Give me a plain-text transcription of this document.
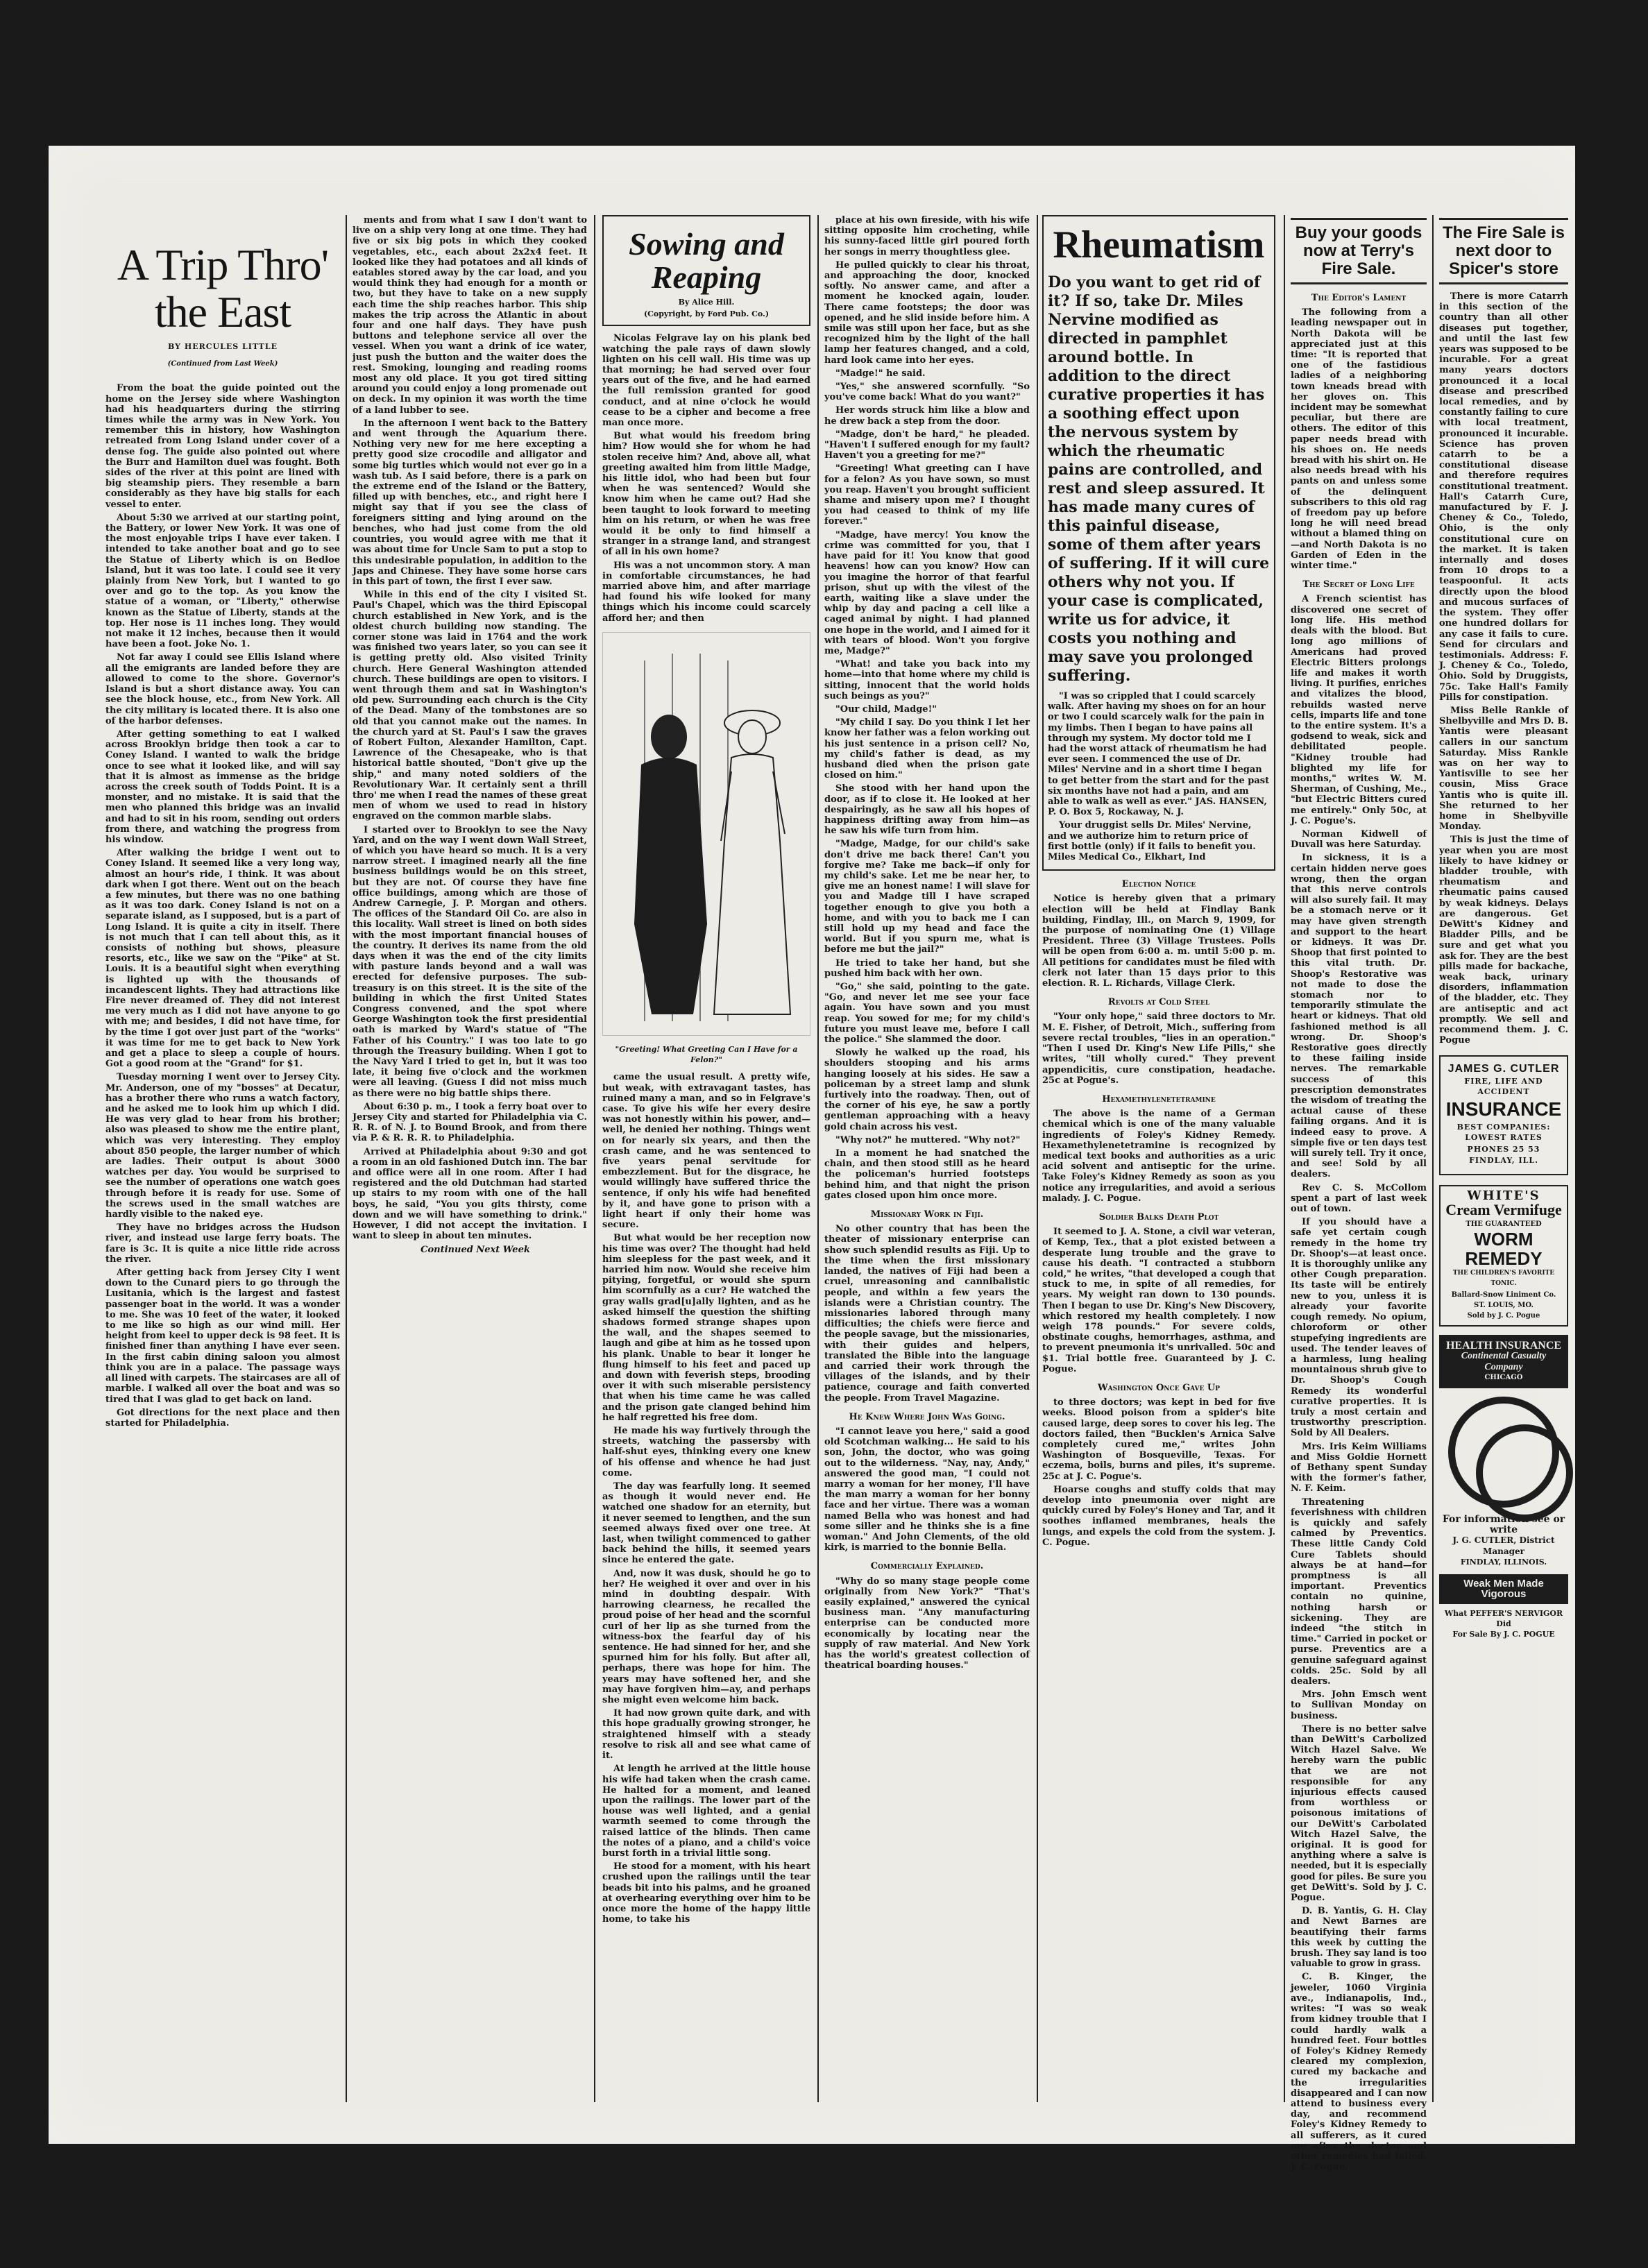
A Trip Thro' the East
BY HERCULES LITTLE
(Continued from Last Week)

From the boat the guide pointed out the home on the Jersey side where Washington had his headquarters during the stirring times while the army was in New York. You remember this in history, how Washington retreated from Long Island under cover of a dense fog. The guide also pointed out where the Burr and Hamilton duel was fought. Both sides of the river at this point are lined with big steamship piers. They resemble a barn considerably as they have big stalls for each vessel to enter.

About 5:30 we arrived at our starting point, the Battery, or lower New York. It was one of the most enjoyable trips I have ever taken. I intended to take another boat and go to see the Statue of Liberty which is on Bedloe Island, but it was too late. I could see it very plainly from New York, but I wanted to go over and go to the top. As you know the statue of a woman, or "Liberty," otherwise known as the Statue of Liberty, stands at the top. Her nose is 11 inches long. They would not make it 12 inches, because then it would have been a foot. Joke No. 1.

Not far away I could see Ellis Island where all the emigrants are landed before they are allowed to come to the shore. Governor's Island is but a short distance away. You can see the block house, etc., from New York. All the city military is located there. It is also one of the harbor defenses.

After getting something to eat I walked across Brooklyn bridge then took a car to Coney Island. I wanted to walk the bridge once to see what it looked like, and will say that it is almost as immense as the bridge across the creek south of Todds Point. It is a monster, and no mistake. It is said that the men who planned this bridge was an invalid and had to sit in his room, sending out orders from there, and watching the progress from his window.

After walking the bridge I went out to Coney Island. It seemed like a very long way, almost an hour's ride, I think. It was about dark when I got there. Went out on the beach a few minutes, but there was no one bathing as it was too dark. Coney Island is not on a separate island, as I supposed, but is a part of Long Island. It is quite a city in itself. There is not much that I can tell about this, as it consists of nothing but shows, pleasure resorts, etc., like we saw on the "Pike" at St. Louis. It is a beautiful sight when everything is lighted up with the thousands of incandescent lights. They had attractions like Fire never dreamed of. They did not interest me very much as I did not have anyone to go with me; and besides, I did not have time, for by the time I got over just part of the "works" it was time for me to get back to New York and get a place to sleep a couple of hours. Got a good room at the "Grand" for $1.

Tuesday morning I went over to Jersey City. Mr. Anderson, one of my "bosses" at Decatur, has a brother there who runs a watch factory, and he asked me to look him up which I did. He was very glad to hear from his brother; also was pleased to show me the entire plant, which was very interesting. They employ about 850 people, the larger number of which are ladies. Their output is about 3000 watches per day. You would be surprised to see the number of operations one watch goes through before it is ready for use. Some of the screws used in the small watches are hardly visible to the naked eye.

They have no bridges across the Hudson river, and instead use large ferry boats. The fare is 3c. It is quite a nice little ride across the river.

After getting back from Jersey City I went down to the Cunard piers to go through the Lusitania, which is the largest and fastest passenger boat in the world. It was a wonder to me. She was 10 feet of the water, it looked to me like so high as our wind mill. Her height from keel to upper deck is 98 feet. It is finished finer than anything I have ever seen. In the first cabin dining saloon you almost think you are in a palace. The passage ways all lined with carpets. The staircases are all of marble. I walked all over the boat and was so tired that I was glad to get back on land.

Got directions for the next place and then started for Philadelphia.

ments and from what I saw I don't want to live on a ship very long at one time. They had five or six big pots in which they cooked vegetables, etc., each about 2x2x4 feet. It looked like they had potatoes and all kinds of eatables stored away by the car load, and you would think they had enough for a month or two, but they have to take on a new supply each time the ship reaches harbor. This ship makes the trip across the Atlantic in about four and one half days. They have push buttons and telephone service all over the vessel. When you want a drink of ice water, just push the button and the waiter does the rest. Smoking, lounging and reading rooms most any old place. It you got tired sitting around you could enjoy a long promenade out on deck. In my opinion it was worth the time of a land lubber to see.

In the afternoon I went back to the Battery and went through the Aquarium there. Nothing very new for me here excepting a pretty good size crocodile and alligator and some big turtles which would not ever go in a wash tub. As I said before, there is a park on the extreme end of the Island or the Battery, filled up with benches, etc., and right here I might say that if you see the class of foreigners sitting and lying around on the benches, who had just come from the old countries, you would agree with me that it was about time for Uncle Sam to put a stop to this undesirable population, in addition to the Japs and Chinese. They have some horse cars in this part of town, the first I ever saw.

While in this end of the city I visited St. Paul's Chapel, which was the third Episcopal church established in New York, and is the oldest church building now standing. The corner stone was laid in 1764 and the work was finished two years later, so you can see it is getting pretty old. Also visited Trinity church. Here General Washington attended church. These buildings are open to visitors. I went through them and sat in Washington's old pew. Surrounding each church is the City of the Dead. Many of the tombstones are so old that you cannot make out the names. In the church yard at St. Paul's I saw the graves of Robert Fulton, Alexander Hamilton, Capt. Lawrence of the Chesapeake, who is that historical battle shouted, "Don't give up the ship," and many noted soldiers of the Revolutionary War. It certainly sent a thrill thro' me when I read the names of these great men of whom we used to read in history engraved on the common marble slabs.

I started over to Brooklyn to see the Navy Yard, and on the way I went down Wall Street, of which you have heard so much. It is a very narrow street. I imagined nearly all the fine business buildings would be on this street, but they are not. Of course they have fine office buildings, among which are those of Andrew Carnegie, J. P. Morgan and others. The offices of the Standard Oil Co. are also in this locality. Wall street is lined on both sides with the most important financial houses of the country. It derives its name from the old days when it was the end of the city limits with pasture lands beyond and a wall was erected for defensive purposes. The sub-treasury is on this street. It is the site of the building in which the first United States Congress convened, and the spot where George Washington took the first presidential oath is marked by Ward's statue of "The Father of his Country." I was too late to go through the Treasury building. When I got to the Navy Yard I tried to get in, but it was too late, it being five o'clock and the workmen were all leaving. (Guess I did not miss much as there were no big battle ships there.

About 6:30 p. m., I took a ferry boat over to Jersey City and started for Philadelphia via C. R. R. of N. J. to Bound Brook, and from there via P. & R. R. R. to Philadelphia.

Arrived at Philadelphia about 9:30 and got a room in an old fashioned Dutch inn. The bar and office were all in one room. After I had registered and the old Dutchman had started up stairs to my room with one of the hall boys, he said, "You you gits thirsty, come down and we will have something to drink." However, I did not accept the invitation. I want to sleep in about ten minutes.

Continued Next Week

Sowing and Reaping
By Alice Hill.
(Copyright, by Ford Pub. Co.)

Nicolas Felgrave lay on his plank bed watching the pale rays of dawn slowly lighten on his cell wall. His time was up that morning; he had served over four years out of the five, and he had earned the full remission granted for good conduct, and at nine o'clock he would cease to be a cipher and become a free man once more.

But what would his freedom bring him? How would she for whom he had stolen receive him? And, above all, what greeting awaited him from little Madge, his little idol, who had been but four when he was sentenced? Would she know him when he came out? Had she been taught to look forward to meeting him on his return, or when he was free would it be only to find himself a stranger in a strange land, and strangest of all in his own home?

His was a not uncommon story. A man in comfortable circumstances, he had married above him, and after marriage had found his wife looked for many things which his income could scarcely afford her; and then

"Greeting! What Greeting Can I Have for a Felon?"

came the usual result. A pretty wife, but weak, with extravagant tastes, has ruined many a man, and so in Felgrave's case. To give his wife her every desire was not honestly within his power, and—well, he denied her nothing. Things went on for nearly six years, and then the crash came, and he was sentenced to five years penal servitude for embezzlement. But for the disgrace, he would willingly have suffered thrice the sentence, if only his wife had benefited by it, and have gone to prison with a light heart if only their home was secure.

But what would be her reception now his time was over? The thought had held him sleepless for the past week, and it harried him now. Would she receive him pitying, forgetful, or would she spurn him scornfully as a cur? He watched the gray walls grad[u]ally lighten, and as he asked himself the question the shifting shadows formed strange shapes upon the wall, and the shapes seemed to laugh and gibe at him as he tossed upon his plank. Unable to bear it longer he flung himself to his feet and paced up and down with feverish steps, brooding over it with such miserable persistency that when his time came he was called and the prison gate clanged behind him he half regretted his free dom.

He made his way furtively through the streets, watching the passersby with half-shut eyes, thinking every one knew of his offense and whence he had just come.

The day was fearfully long. It seemed as though it would never end. He watched one shadow for an eternity, but it never seemed to lengthen, and the sun seemed always fixed over one tree. At last, when twilight commenced to gather back behind the hills, it seemed years since he entered the gate.

And, now it was dusk, should he go to her? He weighed it over and over in his mind in doubting despair. With harrowing clearness, he recalled the proud poise of her head and the scornful curl of her lip as she turned from the witness-box the fearful day of his sentence. He had sinned for her, and she spurned him for his folly. But after all, perhaps, there was hope for him. The years may have softened her, and she may have forgiven him—ay, and perhaps she might even welcome him back.

It had now grown quite dark, and with this hope gradually growing stronger, he straightened himself with a steady resolve to risk all and see what came of it.

At length he arrived at the little house his wife had taken when the crash came. He halted for a moment, and leaned upon the railings. The lower part of the house was well lighted, and a genial warmth seemed to come through the raised lattice of the blinds. Then came the notes of a piano, and a child's voice burst forth in a trivial little song.

He stood for a moment, with his heart crushed upon the railings until the tear beads bit into his palms, and he groaned at overhearing everything over him to be once more the home of the happy little home, to take his

place at his own fireside, with his wife sitting opposite him crocheting, while his sunny-faced little girl poured forth her songs in merry thoughtless glee.

He pulled quickly to clear his throat, and approaching the door, knocked softly. No answer came, and after a moment he knocked again, louder. There came footsteps; the door was opened, and he slid inside before him. A smile was still upon her face, but as she recognized him by the light of the hall lamp her features changed, and a cold, hard look came into her eyes.

"Madge!" he said.

"Yes," she answered scornfully. "So you've come back! What do you want?"

Her words struck him like a blow and he drew back a step from the door.

"Madge, don't be hard," he pleaded. "Haven't I suffered enough for my fault? Haven't you a greeting for me?"

"Greeting! What greeting can I have for a felon? As you have sown, so must you reap. Haven't you brought sufficient shame and misery upon me? I thought you had ceased to think of my life forever."

"Madge, have mercy! You know the crime was committed for you, that I have paid for it! You know that good heavens! how can you know? How can you imagine the horror of that fearful prison, shut up with the vilest of the earth, waiting like a slave under the whip by day and pacing a cell like a caged animal by night. I had planned one hope in the world, and I aimed for it with tears of blood. Won't you forgive me, Madge?"

"What! and take you back into my home—into that home where my child is sitting, innocent that the world holds such beings as you?"

"Our child, Madge!"

"My child I say. Do you think I let her know her father was a felon working out his just sentence in a prison cell? No, my child's father is dead, as my husband died when the prison gate closed on him."

She stood with her hand upon the door, as if to close it. He looked at her despairingly, as he saw all his hopes of happiness drifting away from him—as he saw his wife turn from him.

"Madge, Madge, for our child's sake don't drive me back there! Can't you forgive me? Take me back—if only for my child's sake. Let me be near her, to give me an honest name! I will slave for you and Madge till I have scraped together enough to give you both a home, and with you to back me I can still hold up my head and face the world. But if you spurn me, what is before me but the jail?"

He tried to take her hand, but she pushed him back with her own.

"Go," she said, pointing to the gate. "Go, and never let me see your face again. You have sown and you must reap. You sowed for me; for my child's future you must leave me, before I call the police." She slammed the door.

Slowly he walked up the road, his shoulders stooping and his arms hanging loosely at his sides. He saw a policeman by a street lamp and slunk furtively into the roadway. Then, out of the corner of his eye, he saw a portly gentleman approaching with a heavy gold chain across his vest.

"Why not?" he muttered. "Why not?"

In a moment he had snatched the chain, and then stood still as he heard the policeman's hurried footsteps behind him, and that night the prison gates closed upon him once more.

Missionary Work in Fiji.

No other country that has been the theater of missionary enterprise can show such splendid results as Fiji. Up to the time when the first missionary landed, the natives of Fiji had been a cruel, unreasoning and cannibalistic people, and within a few years the islands were a Christian country. The missionaries labored through many difficulties; the chiefs were fierce and the people savage, but the missionaries, with their guides and helpers, translated the Bible into the language and carried their work through the villages of the islands, and by their patience, courage and faith converted the people. From Travel Magazine.

He Knew Where John Was Going.

"I cannot leave you here," said a good old Scotchman walking... He said to his son, John, the doctor, who was going out to the wilderness. "Nay, nay, Andy," answered the good man, "I could not marry a woman for her money, I'll have the man marry a woman for her bonny face and her virtue. There was a woman named Bella who was honest and had some siller and he thinks she is a fine woman." And John Clements, of the old kirk, is married to the bonnie Bella.

Commercially Explained.

"Why do so many stage people come originally from New York?" "That's easily explained," answered the cynical business man. "Any manufacturing enterprise can be conducted more economically by locating near the supply of raw material. And New York has the world's greatest collection of theatrical boarding houses."

Rheumatism
Do you want to get rid of it? If so, take Dr. Miles Nervine modified as directed in pamphlet around bottle. In addition to the direct curative properties it has a soothing effect upon the nervous system by which the rheumatic pains are controlled, and rest and sleep assured. It has made many cures of this painful disease, some of them after years of suffering. If it will cure others why not you. If your case is complicated, write us for advice, it costs you nothing and may save you prolonged suffering.

"I was so crippled that I could scarcely walk. After having my shoes on for an hour or two I could scarcely walk for the pain in my limbs. Then I began to have pains all through my system. My doctor told me I had the worst attack of rheumatism he had ever seen. I commenced the use of Dr. Miles' Nervine and in a short time I began to get better from the start and for the past six months have not had a pain, and am able to walk as well as ever." JAS. HANSEN, P. O. Box 5, Rockaway, N. J.

Your druggist sells Dr. Miles' Nervine, and we authorize him to return price of first bottle (only) if it fails to benefit you. Miles Medical Co., Elkhart, Ind

Election Notice

Notice is hereby given that a primary election will be held at Findlay Bank building, Findlay, Ill., on March 9, 1909, for the purpose of nominating One (1) Village President. Three (3) Village Trustees. Polls will be open from 6:00 a. m. until 5:00 p. m. All petitions for candidates must be filed with clerk not later than 15 days prior to this election. R. L. Richards, Village Clerk.

Revolts at Cold Steel

"Your only hope," said three doctors to Mr. M. E. Fisher, of Detroit, Mich., suffering from severe rectal troubles, "lies in an operation." "Then I used Dr. King's New Life Pills," she writes, "till wholly cured." They prevent appendicitis, cure constipation, headache. 25c at Pogue's.

Hexamethylenetetramine

The above is the name of a German chemical which is one of the many valuable ingredients of Foley's Kidney Remedy. Hexamethylenetetramine is recognized by medical text books and authorities as a uric acid solvent and antiseptic for the urine. Take Foley's Kidney Remedy as soon as you notice any irregularities, and avoid a serious malady. J. C. Pogue.

Soldier Balks Death Plot

It seemed to J. A. Stone, a civil war veteran, of Kemp, Tex., that a plot existed between a desperate lung trouble and the grave to cause his death. "I contracted a stubborn cold," he writes, "that developed a cough that stuck to me, in spite of all remedies, for years. My weight ran down to 130 pounds. Then I began to use Dr. King's New Discovery, which restored my health completely. I now weigh 178 pounds." For severe colds, obstinate coughs, hemorrhages, asthma, and to prevent pneumonia it's unrivalled. 50c and $1. Trial bottle free. Guaranteed by J. C. Pogue.

Washington Once Gave Up

to three doctors; was kept in bed for five weeks. Blood poison from a spider's bite caused large, deep sores to cover his leg. The doctors failed, then "Bucklen's Arnica Salve completely cured me," writes John Washington of Bosqueville, Texas. For eczema, boils, burns and piles, it's supreme. 25c at J. C. Pogue's.

Hoarse coughs and stuffy colds that may develop into pneumonia over night are quickly cured by Foley's Honey and Tar, and it soothes inflamed membranes, heals the lungs, and expels the cold from the system. J. C. Pogue.

Buy your goods now at Terry's Fire Sale.
The Editor's Lament

The following from a leading newspaper out in North Dakota will be appreciated just at this time: "It is reported that one of the fastidious ladies of a neighboring town kneads bread with her gloves on. This incident may be somewhat peculiar, but there are others. The editor of this paper needs bread with his shoes on. He needs bread with his shirt on. He also needs bread with his pants on and unless some of the delinquent subscribers to this old rag of freedom pay up before long he will need bread without a blamed thing on—and North Dakota is no Garden of Eden in the winter time."

The Secret of Long Life

A French scientist has discovered one secret of long life. His method deals with the blood. But long ago millions of Americans had proved Electric Bitters prolongs life and makes it worth living. It purifies, enriches and vitalizes the blood, rebuilds wasted nerve cells, imparts life and tone to the entire system. It's a godsend to weak, sick and debilitated people. "Kidney trouble had blighted my life for months," writes W. M. Sherman, of Cushing, Me., "but Electric Bitters cured me entirely." Only 50c, at J. C. Pogue's.

Norman Kidwell of Duvall was here Saturday.

In sickness, it is a certain hidden nerve goes wrong, then the organ that this nerve controls will also surely fail. It may be a stomach nerve or it may have given strength and support to the heart or kidneys. It was Dr. Shoop that first pointed to this vital truth. Dr. Shoop's Restorative was not made to dose the stomach nor to temporarily stimulate the heart or kidneys. That old fashioned method is all wrong. Dr. Shoop's Restorative goes directly to these failing inside nerves. The remarkable success of this prescription demonstrates the wisdom of treating the actual cause of these failing organs. And it is indeed easy to prove. A simple five or ten days test will surely tell. Try it once, and see! Sold by all dealers.

Rev C. S. McCollom spent a part of last week out of town.

If you should have a safe yet certain cough remedy in the home try Dr. Shoop's—at least once. It is thoroughly unlike any other Cough preparation. Its taste will be entirely new to you, unless it is already your favorite cough remedy. No opium, chloroform or other stupefying ingredients are used. The tender leaves of a harmless, lung healing mountainous shrub give to Dr. Shoop's Cough Remedy its wonderful curative properties. It is truly a most certain and trustworthy prescription. Sold by All Dealers.

Mrs. Iris Keim Williams and Miss Goldie Hornett of Bethany spent Sunday with the former's father, N. F. Keim.

Threatening feverishness with children is quickly and safely calmed by Preventics. These little Candy Cold Cure Tablets should always be at hand—for promptness is all important. Preventics contain no quinine, nothing harsh or sickening. They are indeed "the stitch in time." Carried in pocket or purse. Preventics are a genuine safeguard against colds. 25c. Sold by all dealers.

Mrs. John Emsch went to Sullivan Monday on business.

There is no better salve than DeWitt's Carbolized Witch Hazel Salve. We hereby warn the public that we are not responsible for any injurious effects caused from worthless or poisonous imitations of our DeWitt's Carbolated Witch Hazel Salve, the original. It is good for anything where a salve is needed, but it is especially good for piles. Be sure you get DeWitt's. Sold by J. C. Pogue.

D. B. Yantis, G. H. Clay and Newt Barnes are beautifying their farms this week by cutting the brush. They say land is too valuable to grow in grass.

C. B. Kinger, the jeweler, 1060 Virginia ave., Indianapolis, Ind., writes: "I was so weak from kidney trouble that I could hardly walk a hundred feet. Four bottles of Foley's Kidney Remedy cleared my complexion, cured my backache and the irregularities disappeared and I can now attend to business every day, and recommend Foley's Kidney Remedy to all sufferers, as it cured me after the doctor and other remedies had failed. J. C. Pogue.

The Fire Sale is next door to Spicer's store

There is more Catarrh in this section of the country than all other diseases put together, and until the last few years was supposed to be incurable. For a great many years doctors pronounced it a local disease and prescribed local remedies, and by constantly failing to cure with local treatment, pronounced it incurable. Science has proven catarrh to be a constitutional disease and therefore requires constitutional treatment. Hall's Catarrh Cure, manufactured by F. J. Cheney & Co., Toledo, Ohio, is the only constitutional cure on the market. It is taken internally and doses from 10 drops to a teaspoonful. It acts directly upon the blood and mucous surfaces of the system. They offer one hundred dollars for any case it fails to cure. Send for circulars and testimonials. Address: F. J. Cheney & Co., Toledo, Ohio. Sold by Druggists, 75c. Take Hall's Family Pills for constipation.

Miss Belle Rankle of Shelbyville and Mrs D. B. Yantis were pleasant callers in our sanctum Saturday. Miss Rankle was on her way to Yantisville to see her cousin, Miss Grace Yantis who is quite ill. She returned to her home in Shelbyville Monday.

This is just the time of year when you are most likely to have kidney or bladder trouble, with rheumatism and rheumatic pains caused by weak kidneys. Delays are dangerous. Get DeWitt's Kidney and Bladder Pills, and be sure and get what you ask for. They are the best pills made for backache, weak back, urinary disorders, inflammation of the bladder, etc. They are antiseptic and act promptly. We sell and recommend them. J. C. Pogue

JAMES G. CUTLER
FIRE, LIFE AND ACCIDENT
INSURANCE
BEST COMPANIES: LOWEST RATES
PHONES 25 53 FINDLAY, ILL.
WHITE'S
Cream Vermifuge
THE GUARANTEED
WORM
REMEDY
THE CHILDREN'S FAVORITE TONIC.
Ballard-Snow Liniment Co.
ST. LOUIS, MO.
Sold by J. C. Pogue
HEALTH INSURANCE
Continental Casualty Company
CHICAGO
For information see or write
J. G. CUTLER, District Manager
FINDLAY, ILLINOIS.
Weak Men Made Vigorous
What PEFFER'S NERVIGOR Did
For Sale By J. C. POGUE
